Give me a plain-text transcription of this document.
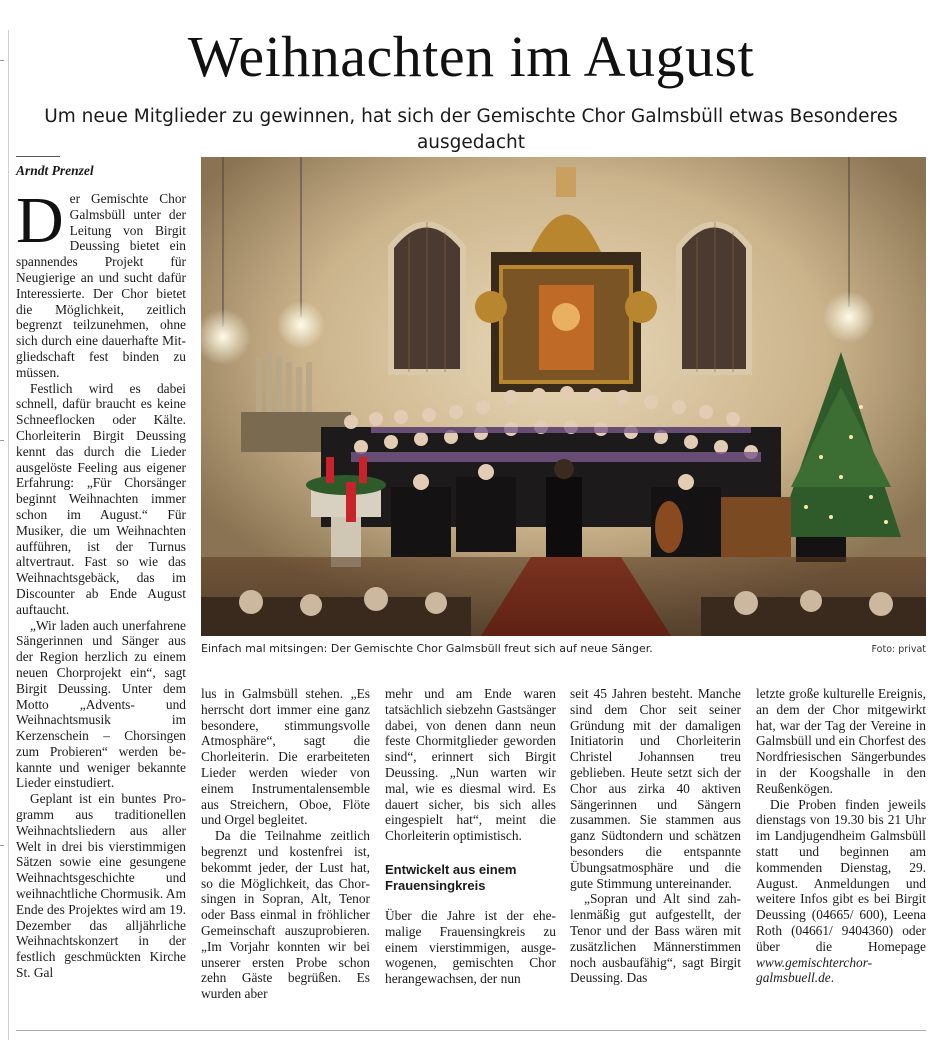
Weihnachten im August
Um neue Mitglieder zu gewinnen, hat sich der Gemischte Chor Galmsbüll etwas Besonderes ausgedacht
Arndt Prenzel

Der Gemischte Chor Galmsbüll unter der Leitung von Birgit Deussing bietet ein spannendes Projekt für Neugierige an und sucht dafür Interessierte. Der Chor bietet die Möglichkeit, zeitlich begrenzt teilzunehmen, ohne sich durch eine dauerhafte Mitgliedschaft fest binden zu müssen.

Festlich wird es dabei schnell, dafür braucht es keine Schneeflocken oder Kälte. Chorleiterin Birgit Deussing kennt das durch die Lieder ausgelöste Feeling aus eigener Erfahrung: „Für Chorsänger beginnt Weihnachten immer schon im August.“ Für Musiker, die um Weihnachten aufführen, ist der Turnus altvertraut. Fast so wie das Weihnachtsgebäck, das im Discounter ab Ende August auftaucht.

„Wir laden auch unerfahrene Sängerinnen und Sänger aus der Region herzlich zu einem neuen Chorprojekt ein“, sagt Birgit Deussing. Unter dem Motto „Advents- und Weihnachtsmusik im Kerzenschein – Chorsingen zum Probieren“ werden bekannte und weniger bekannte Lieder einstudiert.

Geplant ist ein buntes Programm aus traditionellen Weihnachtsliedern aus aller Welt in drei bis vierstimmigen Sätzen sowie eine gesungene Weihnachtsgeschichte und weihnachtliche Chormusik. Am Ende des Projektes wird am 19. Dezember das alljährliche Weihnachtskonzert in der festlich geschmückten Kirche St. Gal

Einfach mal mitsingen: Der Gemischte Chor Galmsbüll freut sich auf neue Sänger.	Foto: privat

lus in Galmsbüll stehen. „Es herrscht dort immer eine ganz besondere, stimmungsvolle Atmosphäre“, sagt die Chorleiterin. Die erarbeiteten Lieder werden wieder von einem Instrumentalensemble aus Streichern, Oboe, Flöte und Orgel begleitet.

Da die Teilnahme zeitlich begrenzt und kostenfrei ist, bekommt jeder, der Lust hat, so die Möglichkeit, das Chorsingen in Sopran, Alt, Tenor oder Bass einmal in fröhlicher Gemeinschaft auszuprobieren. „Im Vorjahr konnten wir bei unserer ersten Probe schon zehn Gäste begrüßen. Es wurden aber

mehr und am Ende waren tatsächlich siebzehn Gastsänger dabei, von denen dann neun feste Chormitglieder geworden sind“, erinnert sich Birgit Deussing. „Nun warten wir mal, wie es diesmal wird. Es dauert sicher, bis sich alles eingespielt hat“, meint die Chorleiterin optimistisch.

Entwickelt aus einem Frauensingkreis

Über die Jahre ist der ehemalige Frauensingkreis zu einem vierstimmigen, ausgewogenen, gemischten Chor herangewachsen, der nun

seit 45 Jahren besteht. Manche sind dem Chor seit seiner Gründung mit der damaligen Initiatorin und Chorleiterin Christel Johannsen treu geblieben. Heute setzt sich der Chor aus zirka 40 aktiven Sängerinnen und Sängern zusammen. Sie stammen aus ganz Südtondern und schätzen besonders die entspannte Übungsatmosphäre und die gute Stimmung untereinander.

„Sopran und Alt sind zahlenmäßig gut aufgestellt, der Tenor und der Bass wären mit zusätzlichen Männerstimmen noch ausbaufähig“, sagt Birgit Deussing. Das

letzte große kulturelle Ereignis, an dem der Chor mitgewirkt hat, war der Tag der Vereine in Galmsbüll und ein Chorfest des Nordfriesischen Sängerbundes in der Koogshalle in den Reußenkögen.

Die Proben finden jeweils dienstags von 19.30 bis 21 Uhr im Landjugendheim Galmsbüll statt und beginnen am kommenden Dienstag, 29. August. Anmeldungen und weitere Infos gibt es bei Birgit Deussing (04665/ 600), Leena Roth (04661/ 9404360) oder über die Homepage www.gemischterchor-galmsbuell.de.
